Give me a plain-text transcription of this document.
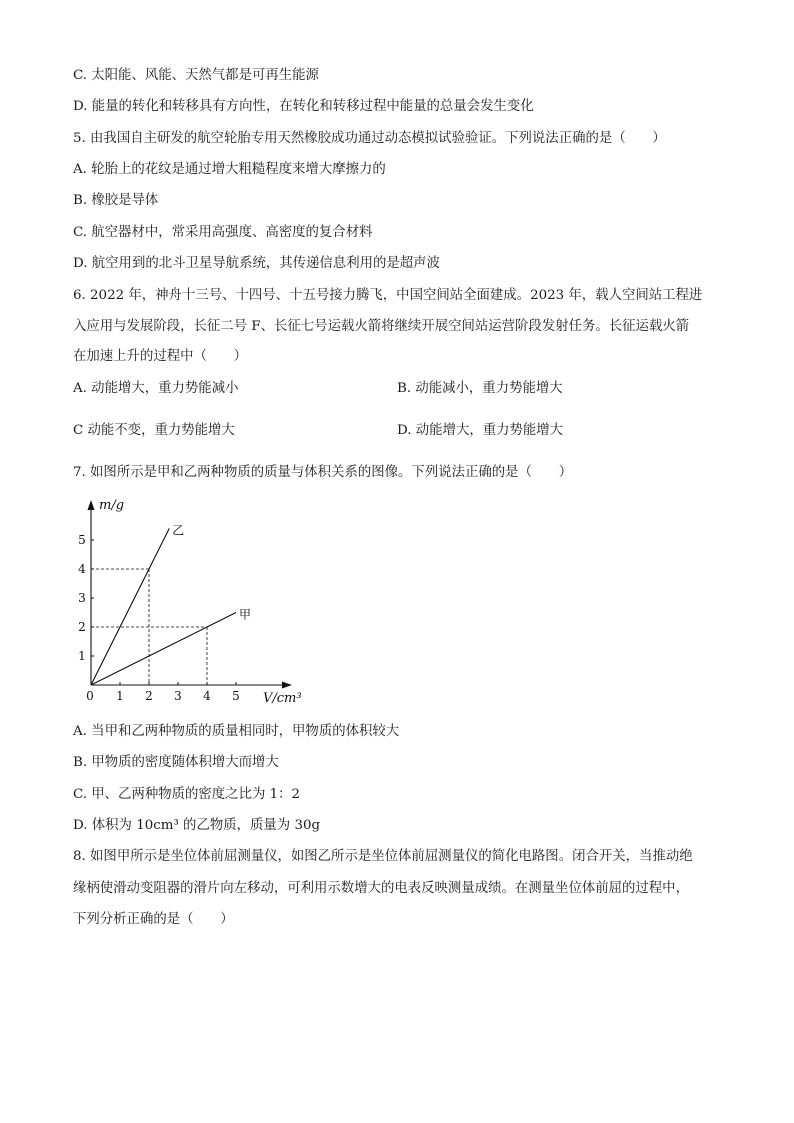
C. 太阳能、风能、天然气都是可再生能源
D. 能量的转化和转移具有方向性，在转化和转移过程中能量的总量会发生变化
5. 由我国自主研发的航空轮胎专用天然橡胶成功通过动态模拟试验验证。下列说法正确的是（　　）
A. 轮胎上的花纹是通过增大粗糙程度来增大摩擦力的
B. 橡胶是导体
C. 航空器材中，常采用高强度、高密度的复合材料
D. 航空用到的北斗卫星导航系统，其传递信息利用的是超声波
6. 2022 年，神舟十三号、十四号、十五号接力腾飞，中国空间站全面建成。2023 年，载人空间站工程进
入应用与发展阶段，长征二号 F、长征七号运载火箭将继续开展空间站运营阶段发射任务。长征运载火箭
在加速上升的过程中（　　）
A. 动能增大，重力势能减小	B. 动能减小，重力势能增大
C 动能不变，重力势能增大	D. 动能增大，重力势能增大
7. 如图所示是甲和乙两种物质的质量与体积关系的图像。下列说法正确的是（　　）
乙
甲
0 1 2 3 4 5
1
2
3
4
5
m/g
V/cm³
A. 当甲和乙两种物质的质量相同时，甲物质的体积较大
B. 甲物质的密度随体积增大而增大
C. 甲、乙两种物质的密度之比为 1：2
D. 体积为 10cm³ 的乙物质，质量为 30g
8. 如图甲所示是坐位体前屈测量仪，如图乙所示是坐位体前屈测量仪的简化电路图。闭合开关，当推动绝
缘柄使滑动变阻器的滑片向左移动，可利用示数增大的电表反映测量成绩。在测量坐位体前屈的过程中，
下列分析正确的是（　　）
